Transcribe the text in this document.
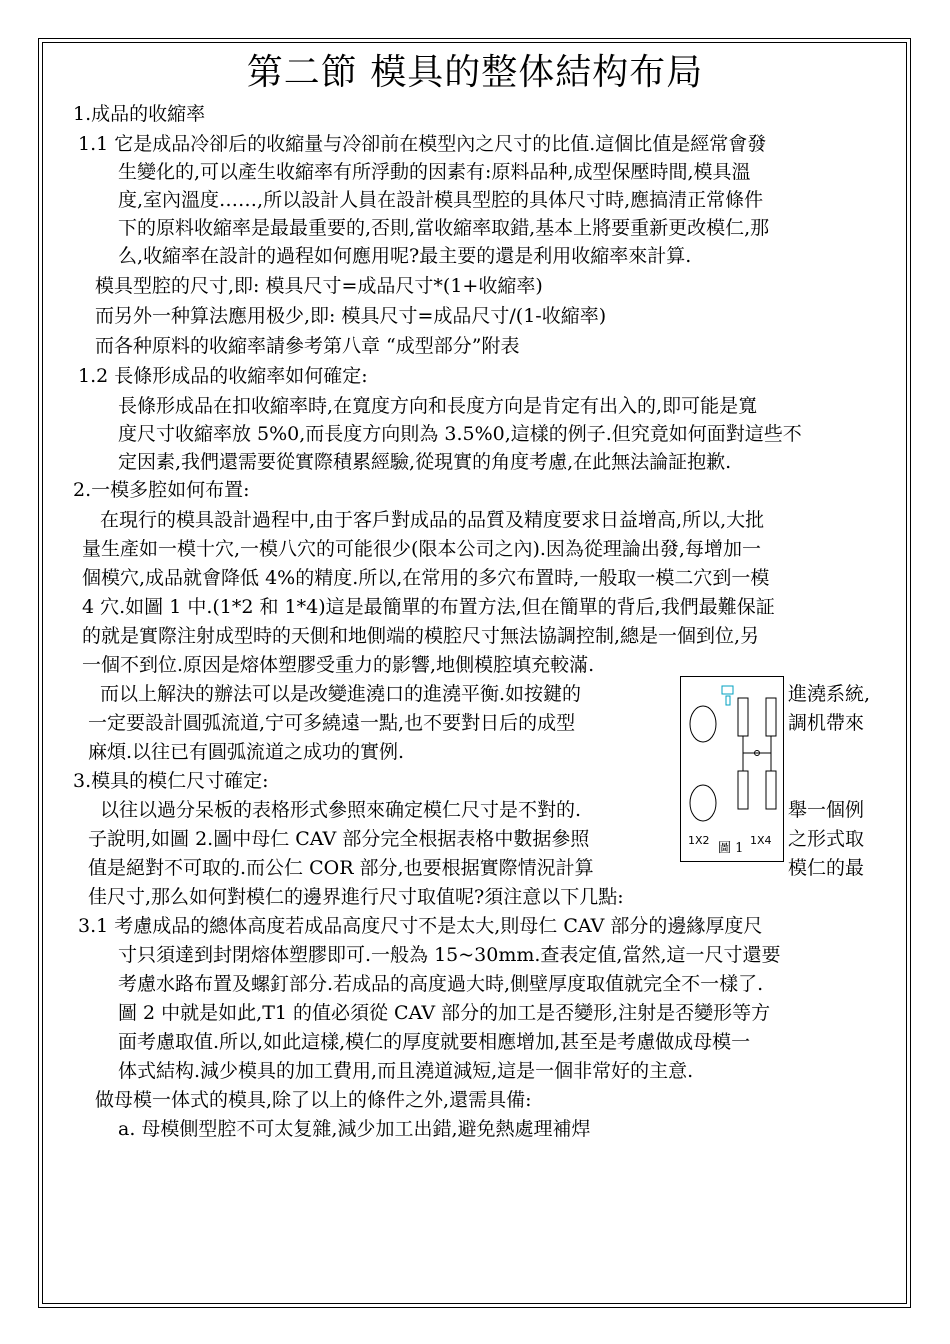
第二節 模具的整体結构布局
1.成品的收縮率
1.1 它是成品冷卻后的收縮量与冷卻前在模型內之尺寸的比值.這個比值是經常會發
生變化的,可以產生收縮率有所浮動的因素有:原料品种,成型保壓時間,模具溫
度,室內溫度……,所以設計人員在設計模具型腔的具体尺寸時,應搞清正常條件
下的原料收縮率是最最重要的,否則,當收縮率取錯,基本上將要重新更改模仁,那
么,收縮率在設計的過程如何應用呢?最主要的還是利用收縮率來計算.
模具型腔的尺寸,即: 模具尺寸=成品尺寸*(1+收縮率)
而另外一种算法應用极少,即: 模具尺寸=成品尺寸/(1-收縮率)
而各种原料的收縮率請參考第八章 “成型部分”附表
1.2 長條形成品的收縮率如何確定:
長條形成品在扣收縮率時,在寬度方向和長度方向是肯定有出入的,即可能是寬
度尺寸收縮率放 5%0,而長度方向則為 3.5%0,這樣的例子.但究竟如何面對這些不
定因素,我們還需要從實際積累經驗,從現實的角度考慮,在此無法論証抱歉.
2.一模多腔如何布置:
在現行的模具設計過程中,由于客戶對成品的品質及精度要求日益增高,所以,大批
量生產如一模十穴,一模八穴的可能很少(限本公司之內).因為從理論出發,每增加一
個模穴,成品就會降低 4%的精度.所以,在常用的多穴布置時,一般取一模二穴到一模
4 穴.如圖 1 中.(1*2 和 1*4)這是最簡單的布置方法,但在簡單的背后,我們最難保証
的就是實際注射成型時的天側和地側端的模腔尺寸無法協調控制,總是一個到位,另
一個不到位.原因是熔体塑膠受重力的影響,地側模腔填充較滿.
而以上解決的辦法可以是改變進澆口的進澆平衡.如按鍵的	進澆系統,
一定要設計圓弧流道,宁可多繞遠一點,也不要對日后的成型	調机帶來
麻煩.以往已有圓弧流道之成功的實例.
3.模具的模仁尺寸確定:
以往以過分呆板的表格形式參照來确定模仁尺寸是不對的.	舉一個例
子說明,如圖 2.圖中母仁 CAV 部分完全根据表格中數据參照	之形式取
值是絕對不可取的.而公仁 COR 部分,也要根据實際情況計算	模仁的最
佳尺寸,那么如何對模仁的邊界進行尺寸取值呢?須注意以下几點:
3.1 考慮成品的總体高度若成品高度尺寸不是太大,則母仁 CAV 部分的邊緣厚度尺
寸只須達到封閉熔体塑膠即可.一般為 15~30mm.查表定值,當然,這一尺寸還要
考慮水路布置及螺釘部分.若成品的高度過大時,側壁厚度取值就完全不一樣了.
圖 2 中就是如此,T1 的值必須從 CAV 部分的加工是否變形,注射是否變形等方
面考慮取值.所以,如此這樣,模仁的厚度就要相應增加,甚至是考慮做成母模一
体式結构.減少模具的加工費用,而且澆道減短,這是一個非常好的主意.
做母模一体式的模具,除了以上的條件之外,還需具備:
a. 母模側型腔不可太复雜,減少加工出錯,避免熱處理補焊
1X2	1X4
圖 1
